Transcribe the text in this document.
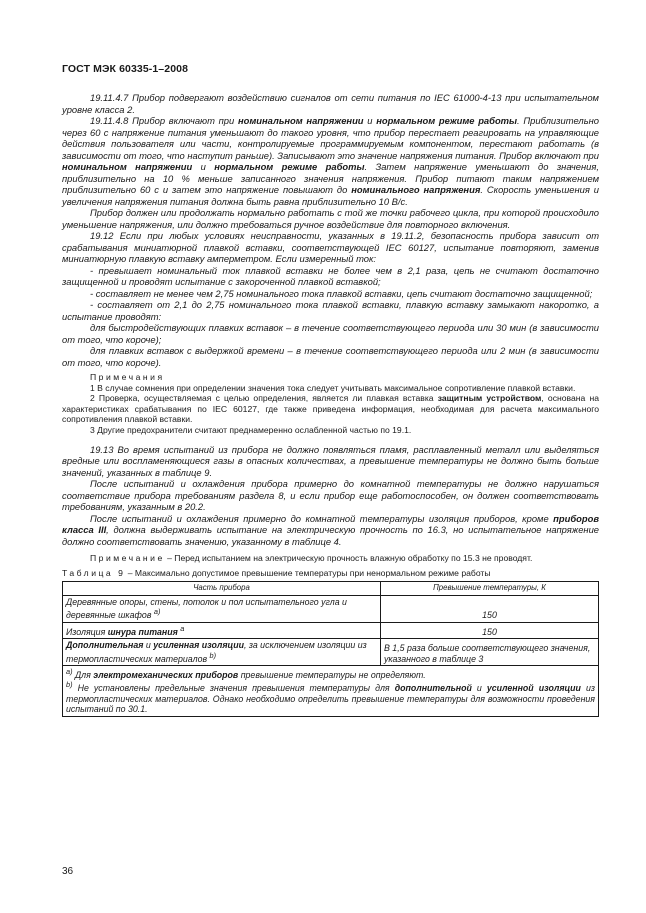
ГОСТ МЭК 60335-1–2008

19.11.4.7 Прибор подвергают воздействию сигналов от сети питания по IEC 61000-4-13 при испытательном уровне класса 2.

19.11.4.8 Прибор включают при номинальном напряжении и нормальном режиме работы. Приблизительно через 60 с напряжение питания уменьшают до такого уровня, что прибор перестает реагировать на управляющие действия пользователя или части, контролируемые программируемым компонентом, перестают работать (в зависимости от того, что наступит раньше). Записывают это значение напряжения питания. Прибор включают при номинальном напряжении и нормальном режиме работы. Затем напряжение уменьшают до значения, приблизительно на 10 % меньше записанного значения напряжения. Прибор питают таким напряжением приблизительно 60 с и затем это напряжение повышают до номинального напряжения. Скорость уменьшения и увеличения напряжения питания должна быть равна приблизительно 10 В/с.

Прибор должен или продолжать нормально работать с той же точки рабочего цикла, при которой происходило уменьшение напряжения, или должно требоваться ручное воздействие для повторного включения.

19.12 Если при любых условиях неисправности, указанных в 19.11.2, безопасность прибора зависит от срабатывания миниатюрной плавкой вставки, соответствующей IEC 60127, испытание повторяют, заменив миниатюрную плавкую вставку амперметром. Если измеренный ток:

- превышает номинальный ток плавкой вставки не более чем в 2,1 раза, цепь не считают достаточно защищенной и проводят испытание с закороченной плавкой вставкой;

- составляет не менее чем 2,75 номинального тока плавкой вставки, цепь считают достаточно защищенной;

- составляет от 2,1 до 2,75 номинального тока плавкой вставки, плавкую вставку замыкают накоротко, а испытание проводят:

для быстродействующих плавких вставок – в течение соответствующего периода или 30 мин (в зависимости от того, что короче);

для плавких вставок с выдержкой времени – в течение соответствующего периода или 2 мин (в зависимости от того, что короче).

Примечания

1 В случае сомнения при определении значения тока следует учитывать максимальное сопротивление плавкой вставки.

2 Проверка, осуществляемая с целью определения, является ли плавкая вставка защитным устройством, основана на характеристиках срабатывания по IEC 60127, где также приведена информация, необходимая для расчета максимального сопротивления плавкой вставки.

3 Другие предохранители считают преднамеренно ослабленной частью по 19.1.

19.13 Во время испытаний из прибора не должно появляться пламя, расплавленный металл или выделяться вредные или воспламеняющиеся газы в опасных количествах, а превышение температуры не должно быть больше значений, указанных в таблице 9.

После испытаний и охлаждения прибора примерно до комнатной температуры не должно нарушаться соответствие прибора требованиям раздела 8, и если прибор еще работоспособен, он должен соответствовать требованиям, указанным в 20.2.

После испытаний и охлаждения примерно до комнатной температуры изоляция приборов, кроме приборов класса III, должна выдерживать испытание на электрическую прочность по 16.3, но испытательное напряжение должно соответствовать значению, указанному в таблице 4.

Примечание – Перед испытанием на электрическую прочность влажную обработку по 15.3 не проводят.

Таблица 9 – Максимально допустимое превышение температуры при ненормальном режиме работы

Часть прибора	Превышение температуры, К
Деревянные опоры, стены, потолок и пол испытательного угла и деревянные шкафов $^{a)}$	150
Изоляция шнура питания $^a$	150
Дополнительная и усиленная изоляции, за исключением изоляции из термопластических материалов $^{b)}$	В 1,5 раза больше соответствующего значения, указанного в таблице 3

$^{a)}$ Для электромеханических приборов превышение температуры не определяют.
$^{b)}$ Не установлены предельные значения превышения температуры для дополнительной и усиленной изоляции из термопластических материалов. Однако необходимо определить превышение температуры для возможности проведения испытаний по 30.1.	
36
